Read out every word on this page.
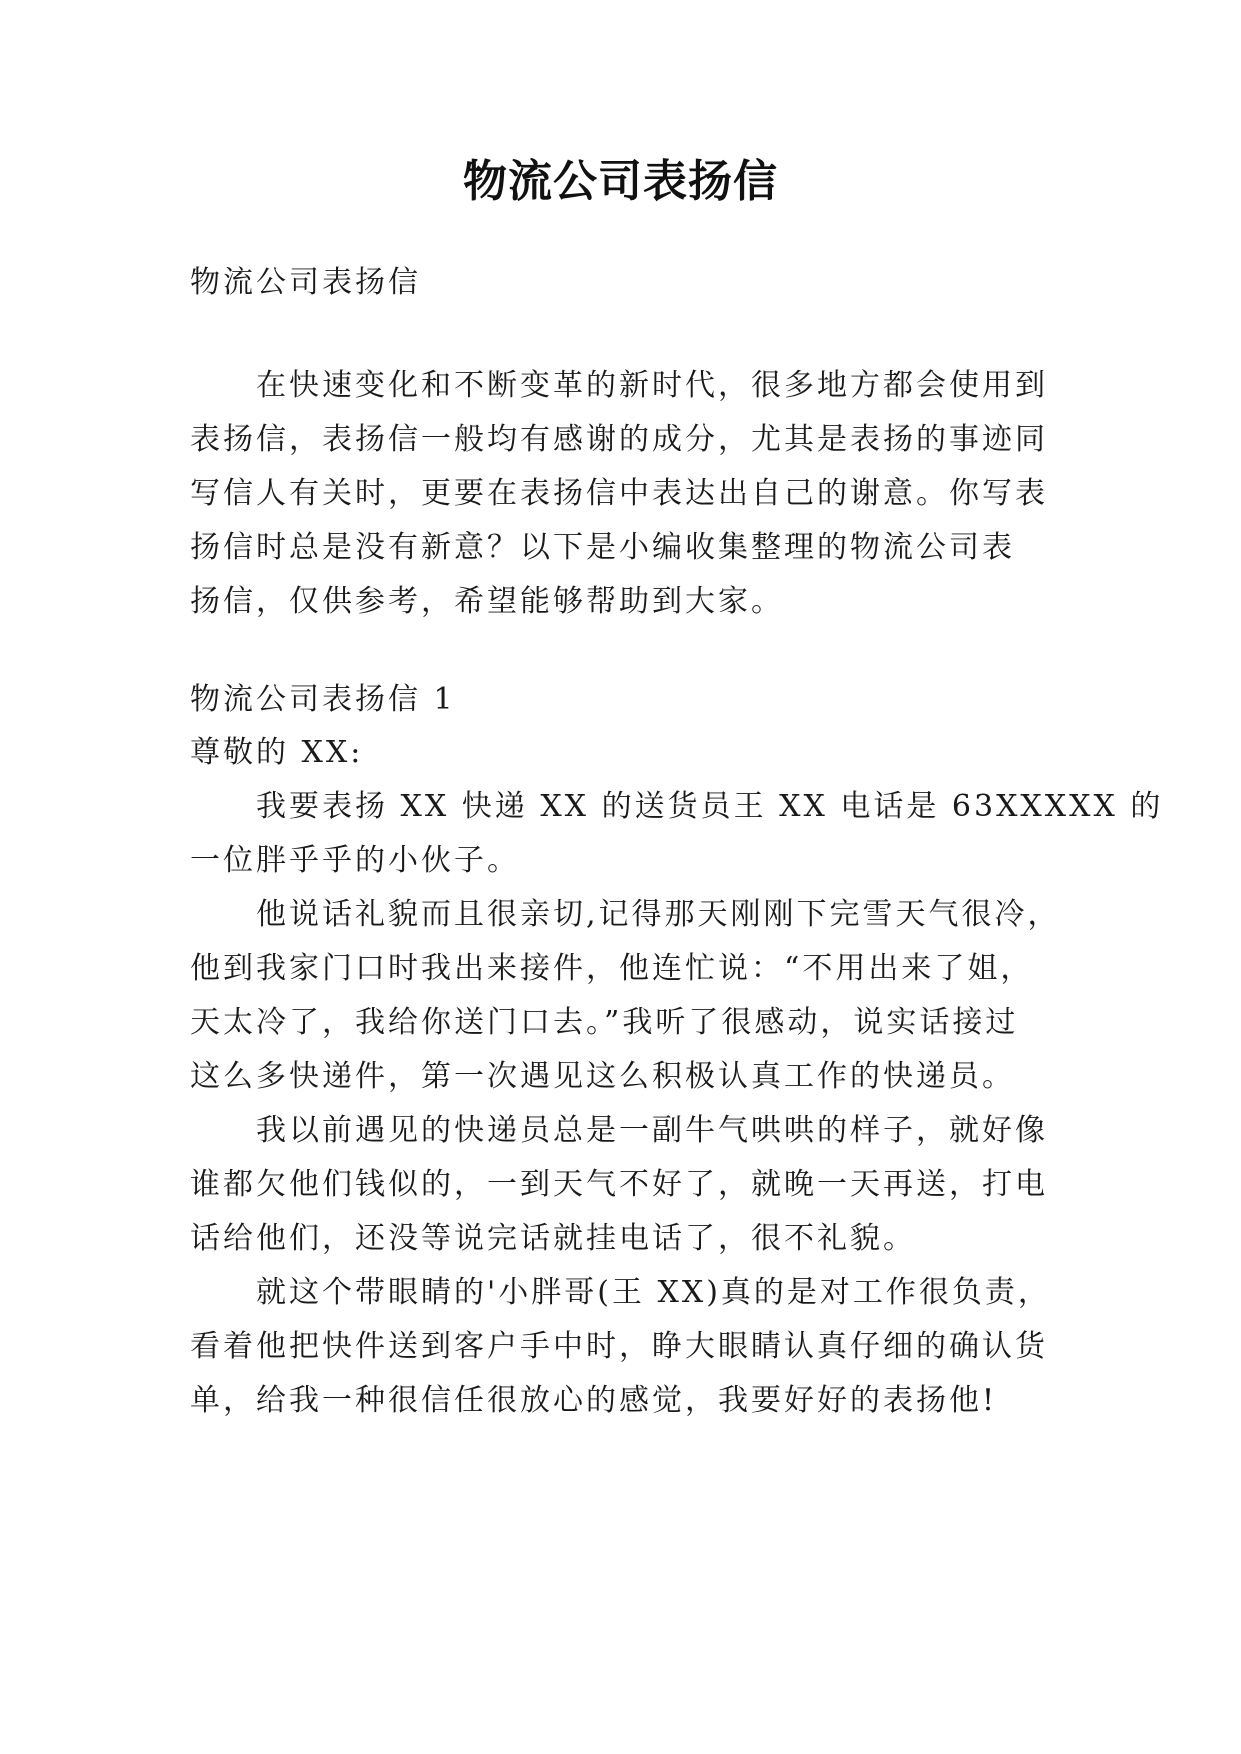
物流公司表扬信
物流公司表扬信
在快速变化和不断变革的新时代，很多地方都会使用到
表扬信，表扬信一般均有感谢的成分，尤其是表扬的事迹同
写信人有关时，更要在表扬信中表达出自己的谢意。你写表
扬信时总是没有新意？以下是小编收集整理的物流公司表
扬信，仅供参考，希望能够帮助到大家。
物流公司表扬信 1
尊敬的 XX:
我要表扬 XX 快递 XX 的送货员王 XX 电话是 63XXXXX 的
一位胖乎乎的小伙子。
他说话礼貌而且很亲切,记得那天刚刚下完雪天气很冷，
他到我家门口时我出来接件，他连忙说：“不用出来了姐，
天太冷了，我给你送门口去。”我听了很感动，说实话接过
这么多快递件，第一次遇见这么积极认真工作的快递员。
我以前遇见的快递员总是一副牛气哄哄的样子，就好像
谁都欠他们钱似的，一到天气不好了，就晚一天再送，打电
话给他们，还没等说完话就挂电话了，很不礼貌。
就这个带眼睛的'小胖哥(王 XX)真的是对工作很负责，
看着他把快件送到客户手中时，睁大眼睛认真仔细的确认货
单，给我一种很信任很放心的感觉，我要好好的表扬他!
